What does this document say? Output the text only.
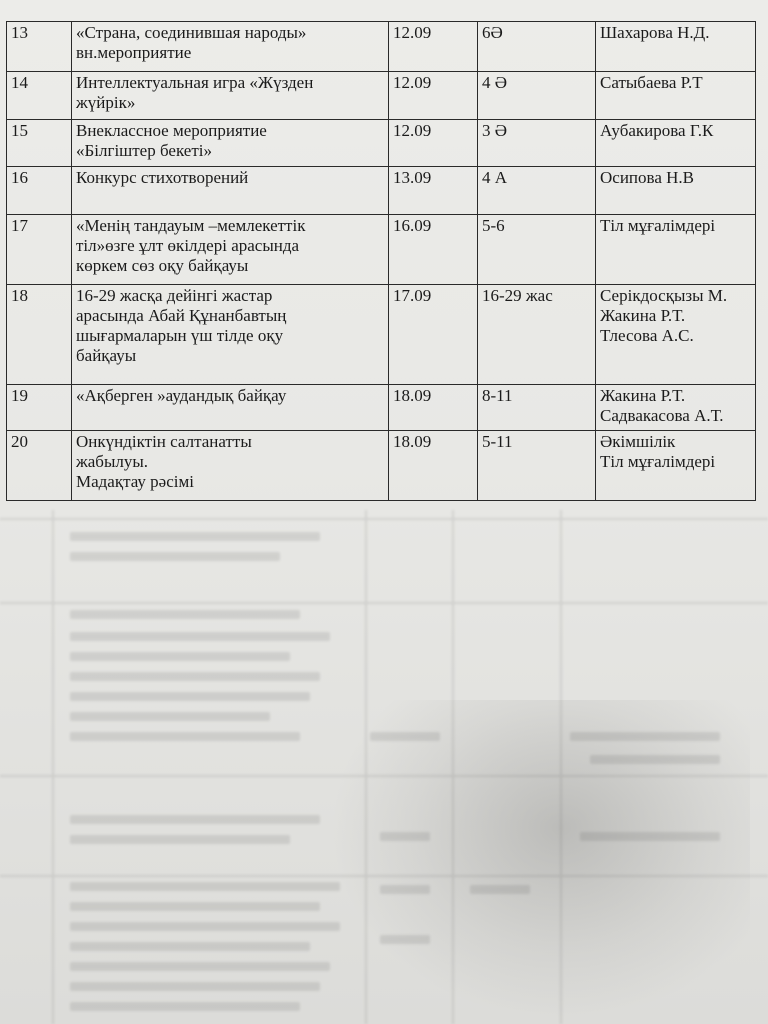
13	«Страна, соединившая народы»
вн.мероприятие	12.09	6Ә	Шахарова Н.Д.
14	Интеллектуальная игра «Жүзден
жүйрік»	12.09	4 Ә	Сатыбаева Р.Т
15	Внеклассное мероприятие
«Білгіштер бекеті»	12.09	3 Ә	Аубакирова Г.К
16	Конкурс стихотворений	13.09	4 А	Осипова Н.В
17	«Менің тандауым –мемлекеттік
тіл»өзге ұлт өкілдері арасында
көркем сөз оқу байқауы	16.09	5-6	Тіл мұғалімдері
18	16-29 жасқа дейінгі жастар
арасында Абай Құнанбавтың
шығармаларын үш тілде оқу
байқауы	17.09	16-29 жас	Серікдосқызы М.
Жакина Р.Т.
Тлесова А.С.
19	«Ақберген »аудандық байқау	18.09	8-11	Жакина Р.Т.
Садвакасова А.Т.
20	Онкүндіктін салтанатты
жабылуы.
Мадақтау рәсімі	18.09	5-11	Әкімшілік
Тіл мұғалімдері
